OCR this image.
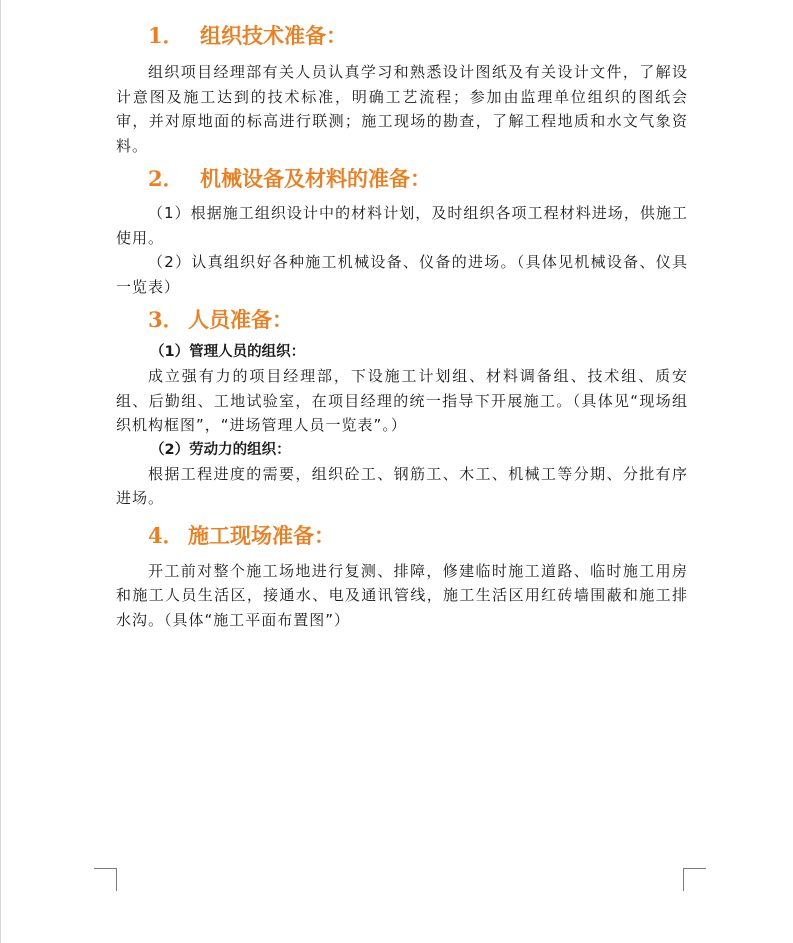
1． 组织技术准备：

组织项目经理部有关人员认真学习和熟悉设计图纸及有关设计文件，了解设计意图及施工达到的技术标准，明确工艺流程；参加由监理单位组织的图纸会审，并对原地面的标高进行联测；施工现场的勘查，了解工程地质和水文气象资料。

2． 机械设备及材料的准备：

（1）根据施工组织设计中的材料计划，及时组织各项工程材料进场，供施工使用。

（2）认真组织好各种施工机械设备、仪备的进场。（具体见机械设备、仪具一览表）

3． 人员准备：

（1）管理人员的组织：

成立强有力的项目经理部，下设施工计划组、材料调备组、技术组、质安组、后勤组、工地试验室，在项目经理的统一指导下开展施工。（具体见“现场组织机构框图”，“进场管理人员一览表”。）

（2）劳动力的组织：

根据工程进度的需要，组织砼工、钢筋工、木工、机械工等分期、分批有序进场。

4． 施工现场准备：

开工前对整个施工场地进行复测、排障，修建临时施工道路、临时施工用房和施工人员生活区，接通水、电及通讯管线，施工生活区用红砖墙围蔽和施工排水沟。（具体“施工平面布置图”）
